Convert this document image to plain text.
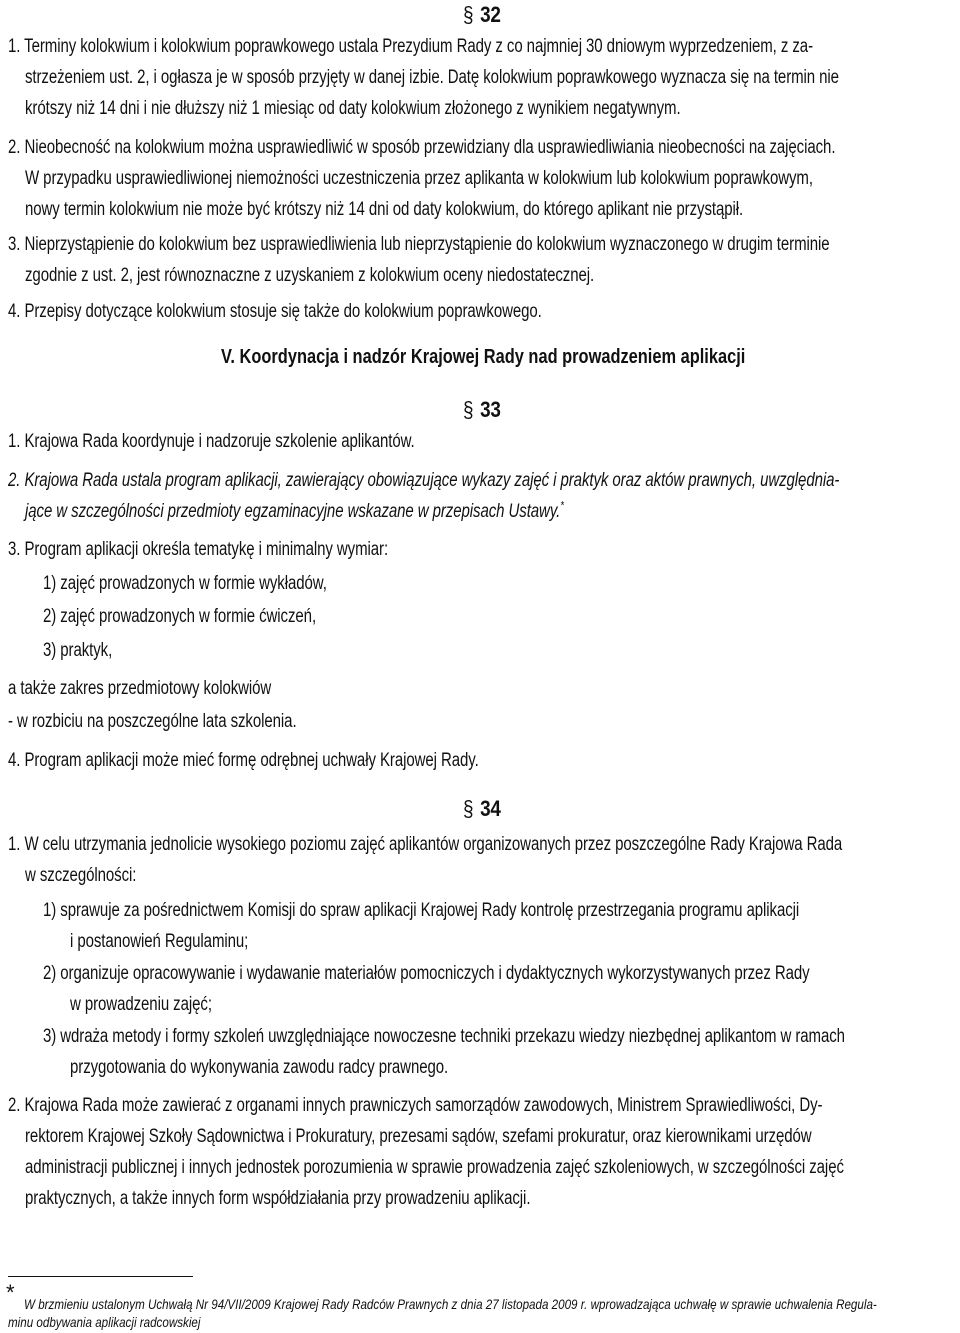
§ 32
1. Terminy kolokwium i kolokwium poprawkowego ustala Prezydium Rady z co najmniej 30 dniowym wyprzedzeniem, z za-
strzeżeniem ust. 2, i ogłasza je w sposób przyjęty w danej izbie. Datę kolokwium poprawkowego wyznacza się na termin nie
krótszy niż 14 dni i nie dłuższy niż 1 miesiąc od daty kolokwium złożonego z wynikiem negatywnym.
2. Nieobecność na kolokwium można usprawiedliwić w sposób przewidziany dla usprawiedliwiania nieobecności na zajęciach.
W przypadku usprawiedliwionej niemożności uczestniczenia przez aplikanta w kolokwium lub kolokwium poprawkowym,
nowy termin kolokwium nie może być krótszy niż 14 dni od daty kolokwium, do którego aplikant nie przystąpił.
3. Nieprzystąpienie do kolokwium bez usprawiedliwienia lub nieprzystąpienie do kolokwium wyznaczonego w drugim terminie
zgodnie z ust. 2, jest równoznaczne z uzyskaniem z kolokwium oceny niedostatecznej.
4. Przepisy dotyczące kolokwium stosuje się także do kolokwium poprawkowego.
V. Koordynacja i nadzór Krajowej Rady nad prowadzeniem aplikacji
§ 33
1. Krajowa Rada koordynuje i nadzoruje szkolenie aplikantów.
2. Krajowa Rada ustala program aplikacji, zawierający obowiązujące wykazy zajęć i praktyk oraz aktów prawnych, uwzględnia-
jące w szczególności przedmioty egzaminacyjne wskazane w przepisach Ustawy.*
3. Program aplikacji określa tematykę i minimalny wymiar:
1) zajęć prowadzonych w formie wykładów,
2) zajęć prowadzonych w formie ćwiczeń,
3) praktyk,
a także zakres przedmiotowy kolokwiów
- w rozbiciu na poszczególne lata szkolenia.
4. Program aplikacji może mieć formę odrębnej uchwały Krajowej Rady.
§ 34
1. W celu utrzymania jednolicie wysokiego poziomu zajęć aplikantów organizowanych przez poszczególne Rady Krajowa Rada
w szczególności:
1) sprawuje za pośrednictwem Komisji do spraw aplikacji Krajowej Rady kontrolę przestrzegania programu aplikacji
i postanowień Regulaminu;
2) organizuje opracowywanie i wydawanie materiałów pomocniczych i dydaktycznych wykorzystywanych przez Rady
w prowadzeniu zajęć;
3) wdraża metody i formy szkoleń uwzględniające nowoczesne techniki przekazu wiedzy niezbędnej aplikantom w ramach
przygotowania do wykonywania zawodu radcy prawnego.
2. Krajowa Rada może zawierać z organami innych prawniczych samorządów zawodowych, Ministrem Sprawiedliwości, Dy-
rektorem Krajowej Szkoły Sądownictwa i Prokuratury, prezesami sądów, szefami prokuratur, oraz kierownikami urzędów
administracji publicznej i innych jednostek porozumienia w sprawie prowadzenia zajęć szkoleniowych, w szczególności zajęć
praktycznych, a także innych form współdziałania przy prowadzeniu aplikacji.
* W brzmieniu ustalonym Uchwałą Nr 94/VII/2009 Krajowej Rady Radców Prawnych z dnia 27 listopada 2009 r. wprowadzająca uchwałę w sprawie uchwalenia Regula-
minu odbywania aplikacji radcowskiej
